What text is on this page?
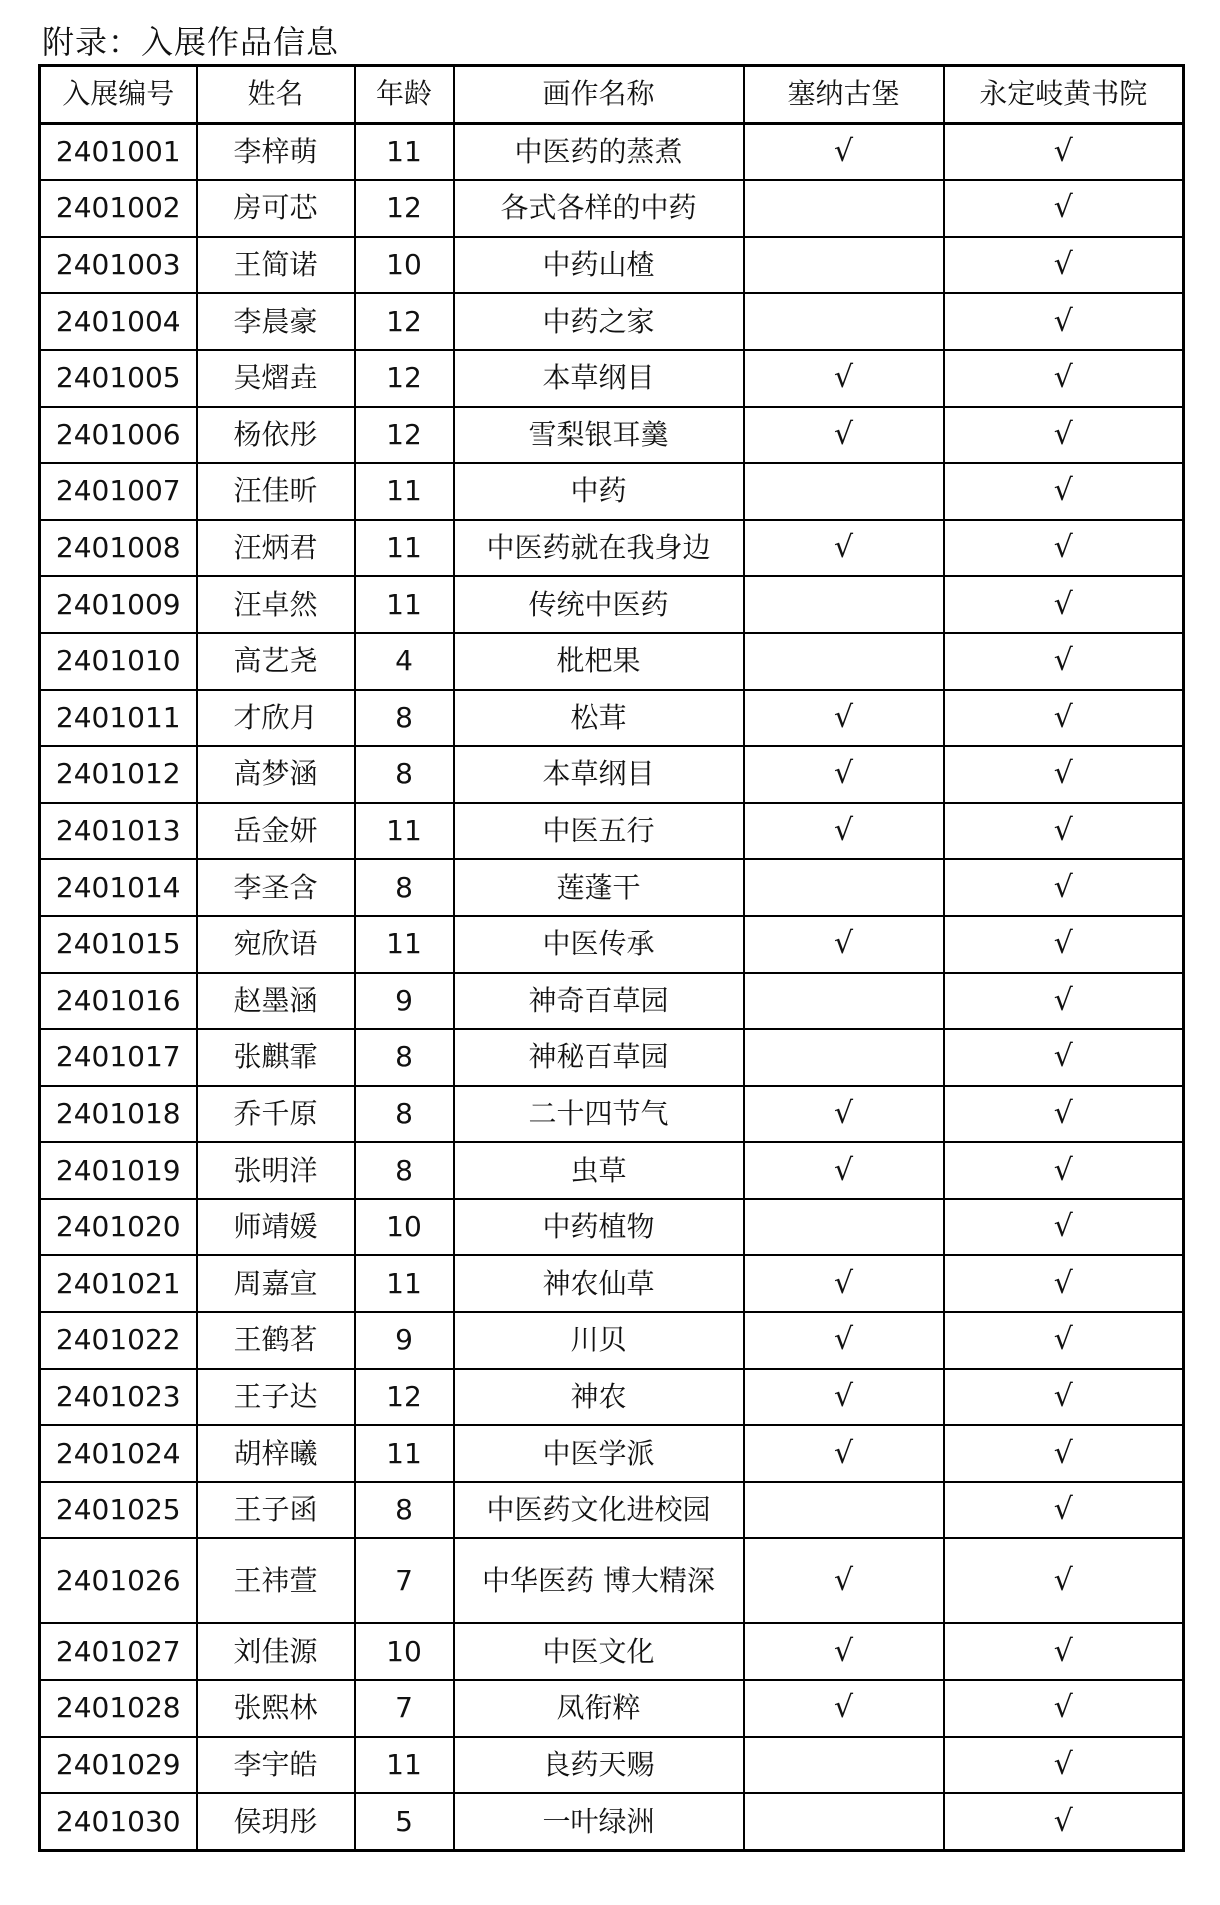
附录：入展作品信息
入展编号	姓名	年龄	画作名称	塞纳古堡	永定岐黄书院
2401001	李梓萌	11	中医药的蒸煮	√	√
2401002	房可芯	12	各式各样的中药		√
2401003	王简诺	10	中药山楂		√
2401004	李晨豪	12	中药之家		√
2401005	吴熠垚	12	本草纲目	√	√
2401006	杨依彤	12	雪梨银耳羹	√	√
2401007	汪佳昕	11	中药		√
2401008	汪炳君	11	中医药就在我身边	√	√
2401009	汪卓然	11	传统中医药		√
2401010	高艺尧	4	枇杷果		√
2401011	才欣月	8	松茸	√	√
2401012	高梦涵	8	本草纲目	√	√
2401013	岳金妍	11	中医五行	√	√
2401014	李圣含	8	莲蓬干		√
2401015	宛欣语	11	中医传承	√	√
2401016	赵墨涵	9	神奇百草园		√
2401017	张麒霏	8	神秘百草园		√
2401018	乔千原	8	二十四节气	√	√
2401019	张明洋	8	虫草	√	√
2401020	师靖媛	10	中药植物		√
2401021	周嘉宣	11	神农仙草	√	√
2401022	王鹤茗	9	川贝	√	√
2401023	王子达	12	神农	√	√
2401024	胡梓曦	11	中医学派	√	√
2401025	王子函	8	中医药文化进校园		√
2401026	王祎萱	7	中华医药 博大精深	√	√
2401027	刘佳源	10	中医文化	√	√
2401028	张熙林	7	凤衔粹	√	√
2401029	李宇皓	11	良药天赐		√
2401030	侯玥彤	5	一叶绿洲		√
